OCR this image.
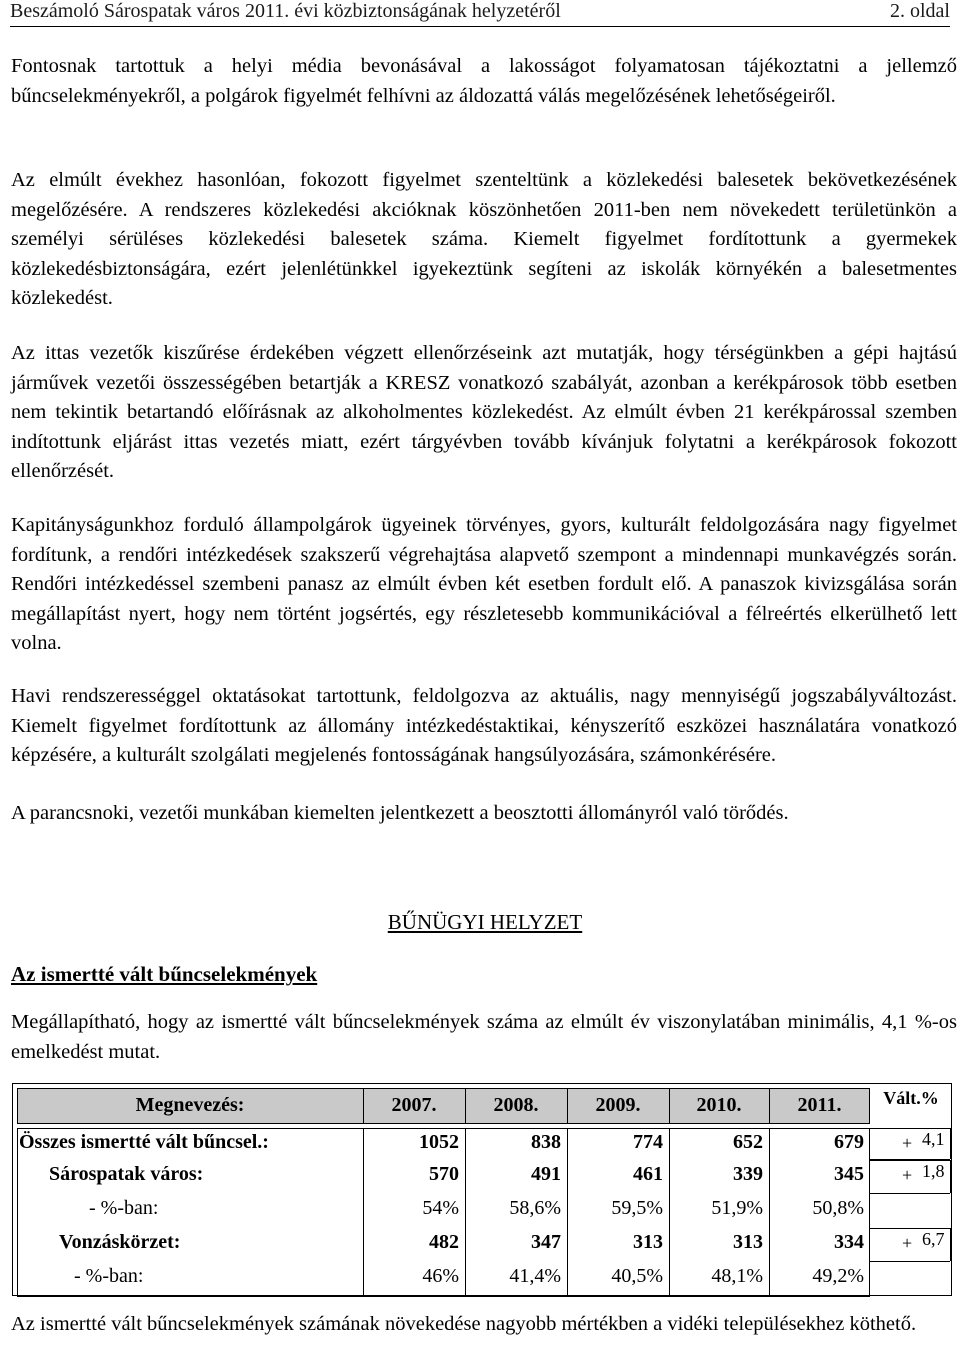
Beszámoló Sárospatak város 2011. évi közbiztonságának helyzetéről	2. oldal

Fontosnak tartottuk a helyi média bevonásával a lakosságot folyamatosan tájékoztatni a jellemző bűncselekményekről, a polgárok figyelmét felhívni az áldozattá válás megelőzésének lehetőségeiről.

Az elmúlt évekhez hasonlóan, fokozott figyelmet szenteltünk a közlekedési balesetek bekövetkezésének megelőzésére. A rendszeres közlekedési akcióknak köszönhetően 2011-ben nem növekedett területünkön a személyi sérüléses közlekedési balesetek száma. Kiemelt figyelmet fordítottunk a gyermekek közlekedésbiztonságára, ezért jelenlétünkkel igyekeztünk segíteni az iskolák környékén a balesetmentes közlekedést.

Az ittas vezetők kiszűrése érdekében végzett ellenőrzéseink azt mutatják, hogy térségünkben a gépi hajtású járművek vezetői összességében betartják a KRESZ vonatkozó szabályát, azonban a kerékpárosok több esetben nem tekintik betartandó előírásnak az alkoholmentes közlekedést. Az elmúlt évben 21 kerékpárossal szemben indítottunk eljárást ittas vezetés miatt, ezért tárgyévben tovább kívánjuk folytatni a kerékpárosok fokozott ellenőrzését.

Kapitányságunkhoz forduló állampolgárok ügyeinek törvényes, gyors, kulturált feldolgozására nagy figyelmet fordítunk, a rendőri intézkedések szakszerű végrehajtása alapvető szempont a mindennapi munkavégzés során. Rendőri intézkedéssel szembeni panasz az elmúlt évben két esetben fordult elő. A panaszok kivizsgálása során megállapítást nyert, hogy nem történt jogsértés, egy részletesebb kommunikációval a félreértés elkerülhető lett volna.

Havi rendszerességgel oktatásokat tartottunk, feldolgozva az aktuális, nagy mennyiségű jogszabályváltozást. Kiemelt figyelmet fordítottunk az állomány intézkedéstaktikai, kényszerítő eszközei használatára vonatkozó képzésére, a kulturált szolgálati megjelenés fontosságának hangsúlyozására, számonkérésére.

A parancsnoki, vezetői munkában kiemelten jelentkezett a beosztotti állományról való törődés.

BŰNÜGYI HELYZET
Az ismertté vált bűncselekmények

Megállapítható, hogy az ismertté vált bűncselekmények száma az elmúlt év viszonylatában minimális, 4,1 %-os emelkedést mutat.

Megnevezés:	2007.	2008.	2009.	2010.	2011.	Vált.%
Összes ismertté vált bűncsel.:	1052	838	774	652	679 + 4,1
Sárospatak város:	570	491	461	339	345 + 1,8
- %-ban:	54%	58,6%	59,5%	51,9%	50,8%
Vonzáskörzet:	482	347	313	313	334 + 6,7
- %-ban:	46%	41,4%	40,5%	48,1%	49,2%

Az ismertté vált bűncselekmények számának növekedése nagyobb mértékben a vidéki településekhez köthető.
